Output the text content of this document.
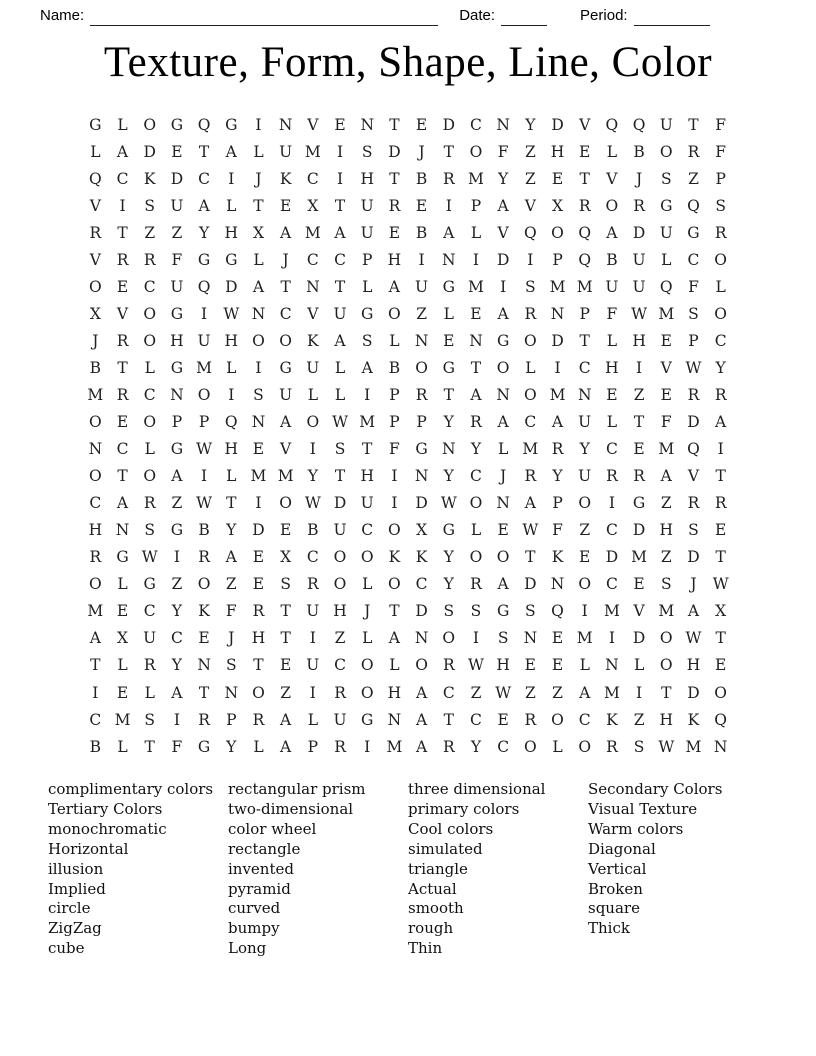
Name:	Date:	Period:
Texture, Form, Shape, Line, Color
G	L	O G Q G	I	N V	E N T	E D C N Y	D V Q Q U T	F
L	A D E	T	A	L	U M	I	S	D	J	T	O F	Z H E	L	B O R	F
Q C K D C	I	J	K C	I	H T	B	R M Y	Z	E	T	V	J	S	Z	P
V	I	S U A	L	T	E	X	T U R	E	I	P	A	V	X	R O R G Q	S
R	T	Z	Z	Y H X	A M A U E	B	A	L	V Q O Q A D U G R
V	R	R	F	G G	L	J	C C	P H	I	N	I	D	I	P	Q B U	L	C O
O E	C U Q D A	T N T	L	A U G M	I	S M M U U Q F	L
X	V O G	I	W N C	V U G O Z	L	E	A	R N P	F W M S	O
J	R O H U H O O K	A	S	L N E N G O D	T	L H E	P	C
B	T	L	G M L	I	G U	L	A	B O G	T	O	L	I	C H	I	V W Y
M R C N O	I	S U	L	L	I	P	R	T	A N O M N E	Z	E	R	R
O E O	P	P	Q N A O W M P	P	Y	R	A	C	A U	L	T	F	D A
N C	L	G W H E	V	I	S	T	F	G N Y	L M R	Y	C	E M Q	I
O	T	O A	I	L M M Y	T H	I	N Y	C	J	R	Y	U R	R	A	V	T
C	A	R	Z W T	I	O W D U	I	D W O N A	P	O	I	G	Z	R	R
H N S	G B	Y	D E	B U C O X G	L	E W F	Z	C D H S	E
R G W	I	R	A	E	X	C O O K	K	Y	O O	T	K	E D M Z	D	T
O	L	G	Z O Z	E	S	R O	L	O C	Y	R	A D N O C	E	S	J	W
M E	C	Y	K	F	R	T U H	J	T	D	S	S	G	S	Q	I	M V M A	X
A	X U C	E	J	H T	I	Z	L	A N O	I	S N E M	I	D O W T
T	L	R	Y N S	T	E U C O	L	O R W H E	E	L N L	O H E
I	E	L	A	T N O Z	I	R O H A	C	Z W Z	Z	A M	I	T	D O
C M S	I	R	P	R	A	L	U G N A	T	C	E	R O C K	Z H K Q
B	L	T	F	G	Y	L	A	P	R	I	M A	R	Y	C O	L	O R	S W M N
complimentary colors
Tertiary Colors
monochromatic
Horizontal
illusion
Implied
circle
ZigZag
cube
rectangular prism
two-dimensional
color wheel
rectangle
invented
pyramid
curved
bumpy
Long
three dimensional
primary colors
Cool colors
simulated
triangle
Actual
smooth
rough
Thin
Secondary Colors
Visual Texture
Warm colors
Diagonal
Vertical
Broken
square
Thick
